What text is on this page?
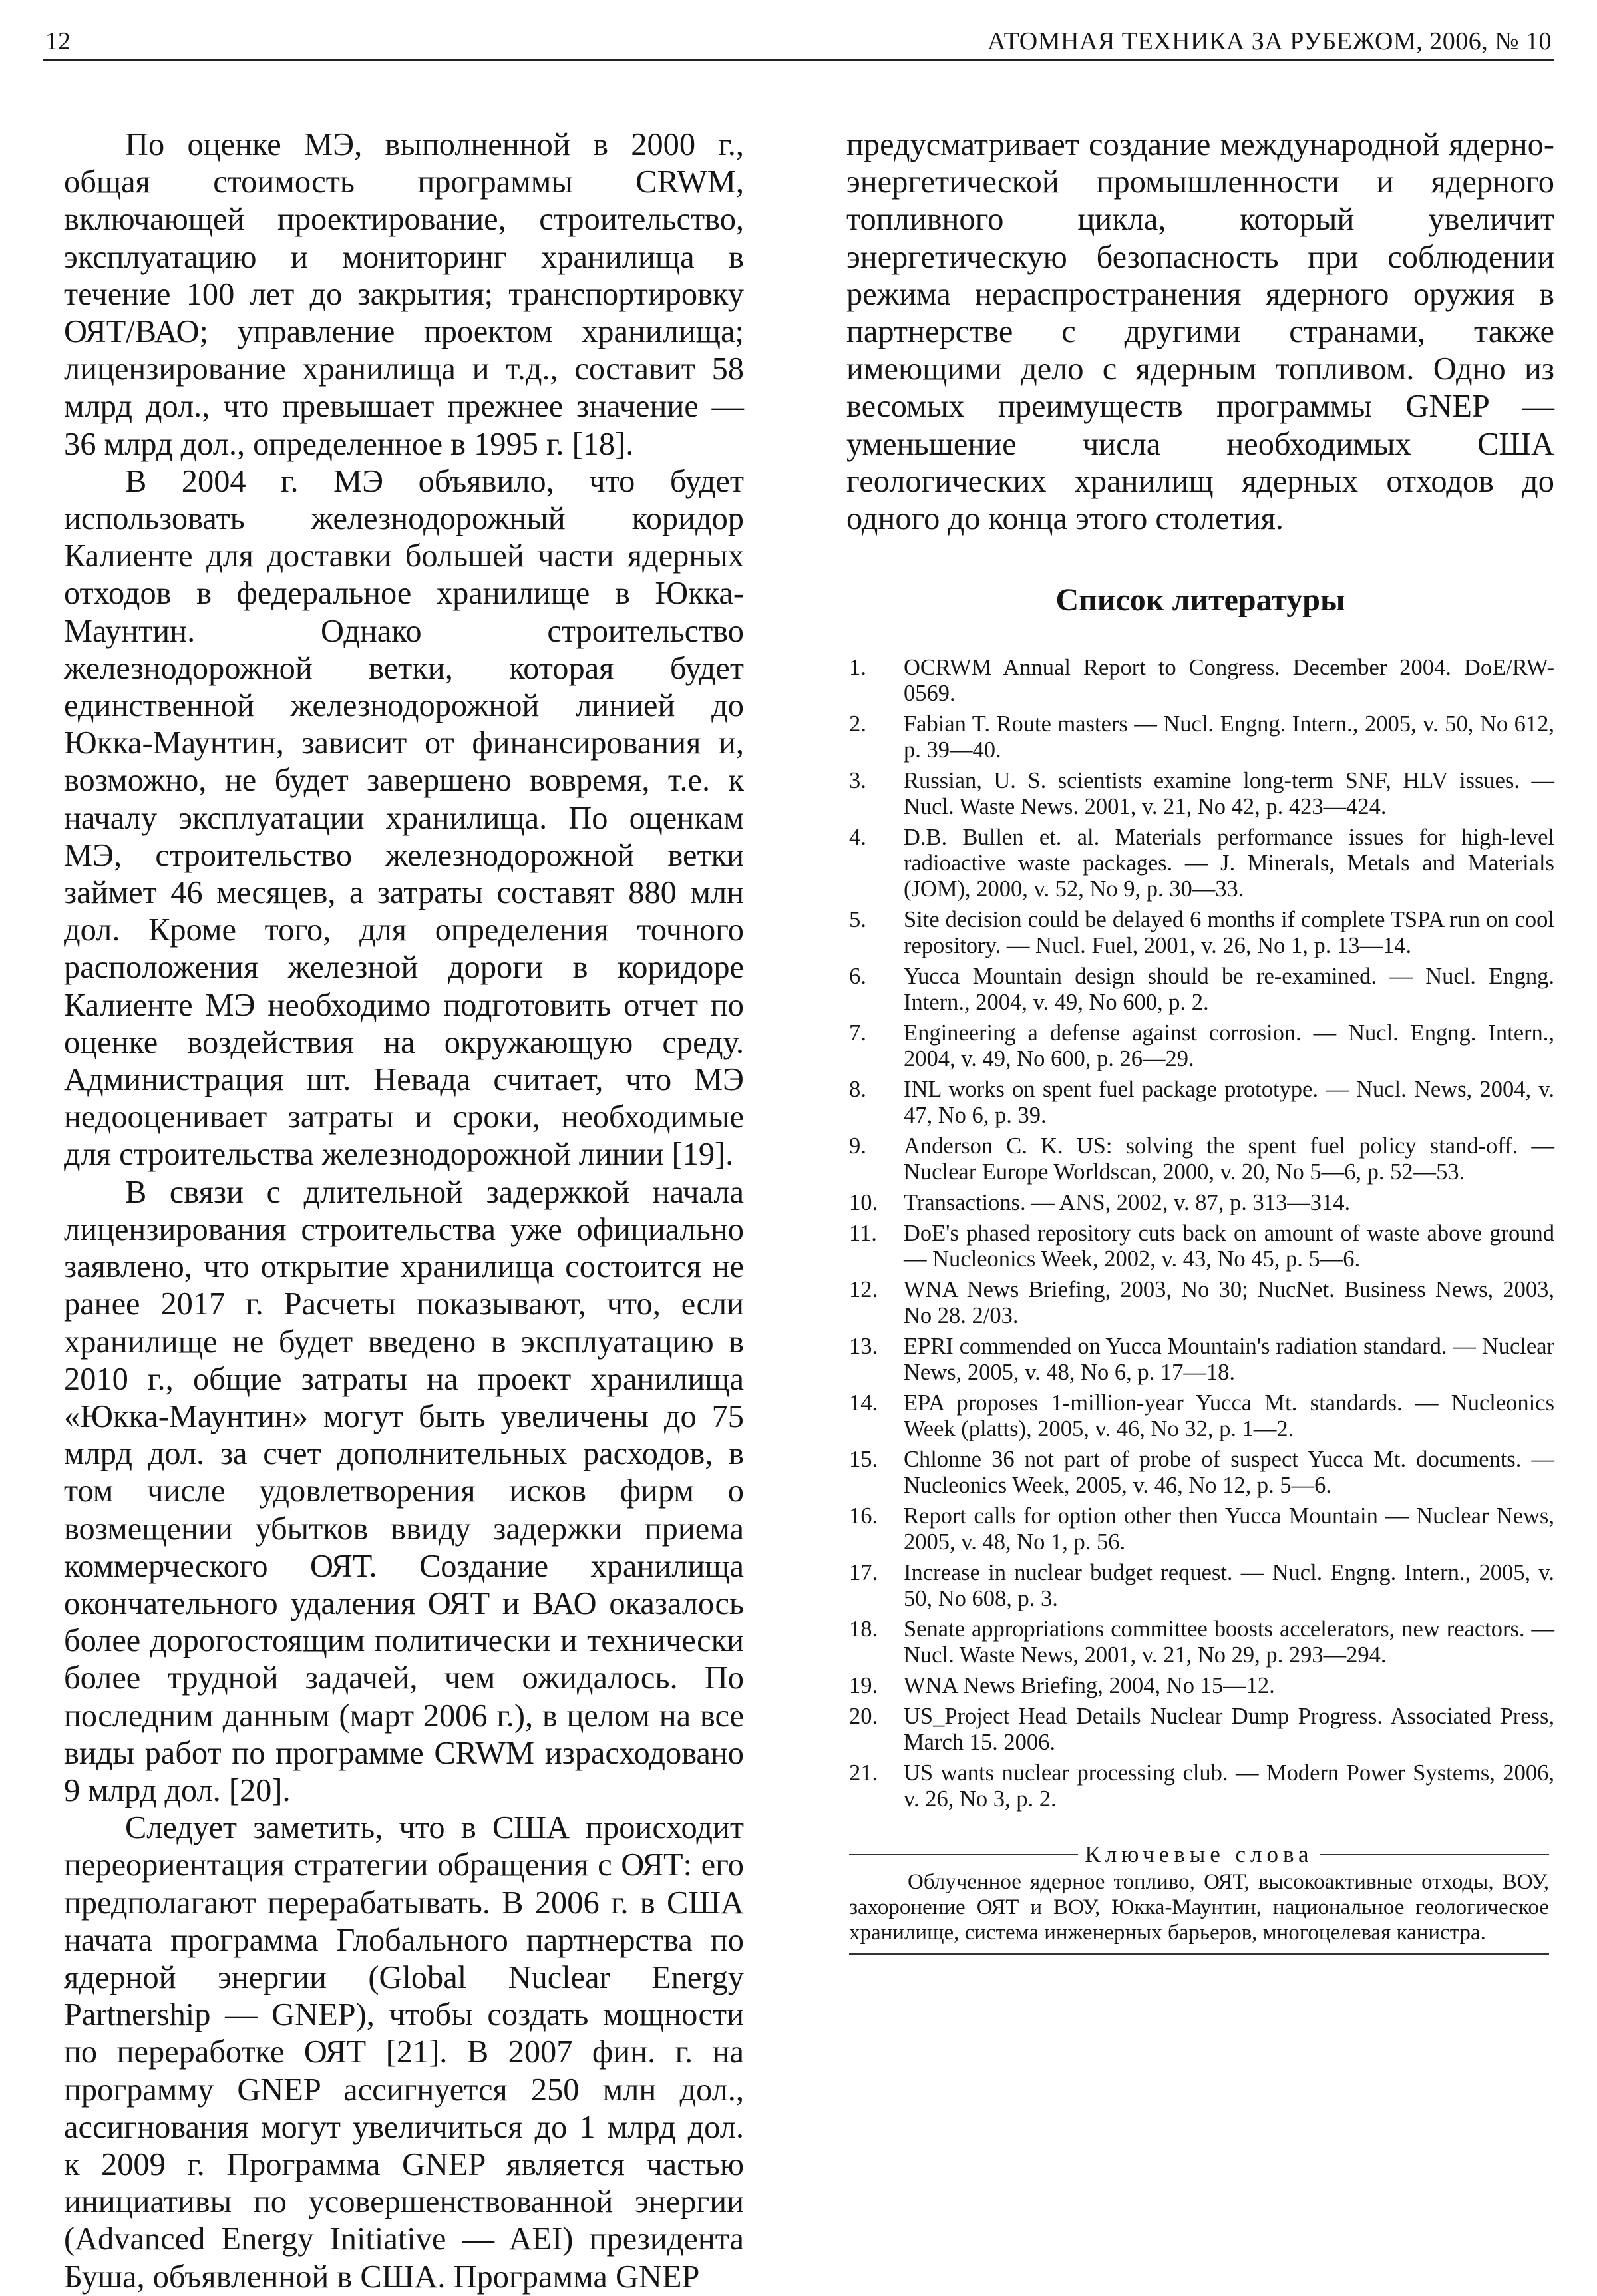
12	АТОМНАЯ ТЕХНИКА ЗА РУБЕЖОМ, 2006, № 10

По оценке МЭ, выполненной в 2000 г., общая стоимость программы CRWM, включающей проектирование, строительство, эксплуатацию и мониторинг хранилища в течение 100 лет до закрытия; транспортировку ОЯТ/ВАО; управление проектом хранилища; лицензирование хранилища и т.д., составит 58 млрд дол., что превышает прежнее значение — 36 млрд дол., определенное в 1995 г. [18].

В 2004 г. МЭ объявило, что будет использовать железнодорожный коридор Калиенте для доставки большей части ядерных отходов в федеральное хранилище в Юкка-Маунтин. Однако строительство железнодорожной ветки, которая будет единственной железнодорожной линией до Юкка-Маунтин, зависит от финансирования и, возможно, не будет завершено вовремя, т.е. к началу эксплуатации хранилища. По оценкам МЭ, строительство железнодорожной ветки займет 46 месяцев, а затраты составят 880 млн дол. Кроме того, для определения точного расположения железной дороги в коридоре Калиенте МЭ необходимо подготовить отчет по оценке воздействия на окружающую среду. Администрация шт. Невада считает, что МЭ недооценивает затраты и сроки, необходимые для строительства железнодорожной линии [19].

В связи с длительной задержкой начала лицензирования строительства уже официально заявлено, что открытие хранилища состоится не ранее 2017 г. Расчеты показывают, что, если хранилище не будет введено в эксплуатацию в 2010 г., общие затраты на проект хранилища «Юкка-Маунтин» могут быть увеличены до 75 млрд дол. за счет дополнительных расходов, в том числе удовлетворения исков фирм о возмещении убытков ввиду задержки приема коммерческого ОЯТ. Создание хранилища окончательного удаления ОЯТ и ВАО оказалось более дорогостоящим политически и технически более трудной задачей, чем ожидалось. По последним данным (март 2006 г.), в целом на все виды работ по программе CRWM израсходовано 9 млрд дол. [20].

Следует заметить, что в США происходит переориентация стратегии обращения с ОЯТ: его предполагают перерабатывать. В 2006 г. в США начата программа Глобального партнерства по ядерной энергии (Global Nuclear Energy Partnership — GNEP), чтобы создать мощности по переработке ОЯТ [21]. В 2007 фин. г. на программу GNEP ассигнуется 250 млн дол., ассигнования могут увеличиться до 1 млрд дол. к 2009 г. Программа GNEP является частью инициативы по усовершенствованной энергии (Advanced Energy Initiative — AEI) президента Буша, объявленной в США. Программа GNEP

предусматривает создание международной ядерно-энергетической промышленности и ядерного топливного цикла, который увеличит энергетическую безопасность при соблюдении режима нераспространения ядерного оружия в партнерстве с другими странами, также имеющими дело с ядерным топливом. Одно из весомых преимуществ программы GNEP — уменьшение числа необходимых США геологических хранилищ ядерных отходов до одного до конца этого столетия.

Список литературы
1.	OCRWM Annual Report to Congress. December 2004. DoE/RW-0569.
2.	Fabian T. Route masters — Nucl. Engng. Intern., 2005, v. 50, No 612, p. 39—40.
3.	Russian, U. S. scientists examine long-term SNF, HLV issues. — Nucl. Waste News. 2001, v. 21, No 42, p. 423—424.
4.	D.B. Bullen et. al. Materials performance issues for high-level radioactive waste packages. — J. Minerals, Metals and Materials (JOM), 2000, v. 52, No 9, p. 30—33.
5.	Site decision could be delayed 6 months if complete TSPA run on cool repository. — Nucl. Fuel, 2001, v. 26, No 1, p. 13—14.
6.	Yucca Mountain design should be re-examined. — Nucl. Engng. Intern., 2004, v. 49, No 600, p. 2.
7.	Engineering a defense against corrosion. — Nucl. Engng. Intern., 2004, v. 49, No 600, p. 26—29.
8.	INL works on spent fuel package prototype. — Nucl. News, 2004, v. 47, No 6, p. 39.
9.	Anderson C. K. US: solving the spent fuel policy stand-off. — Nuclear Europe Worldscan, 2000, v. 20, No 5—6, p. 52—53.
10.	Transactions. — ANS, 2002, v. 87, p. 313—314.
11.	DoE's phased repository cuts back on amount of waste above ground — Nucleonics Week, 2002, v. 43, No 45, p. 5—6.
12.	WNA News Briefing, 2003, No 30; NucNet. Business News, 2003, No 28. 2/03.
13.	EPRI commended on Yucca Mountain's radiation standard. — Nuclear News, 2005, v. 48, No 6, p. 17—18.
14.	EPA proposes 1-million-year Yucca Mt. standards. — Nucleonics Week (platts), 2005, v. 46, No 32, p. 1—2.
15.	Chlonne 36 not part of probe of suspect Yucca Mt. documents. — Nucleonics Week, 2005, v. 46, No 12, p. 5—6.
16.	Report calls for option other then Yucca Mountain — Nuclear News, 2005, v. 48, No 1, p. 56.
17.	Increase in nuclear budget request. — Nucl. Engng. Intern., 2005, v. 50, No 608, p. 3.
18.	Senate appropriations committee boosts accelerators, new reactors. — Nucl. Waste News, 2001, v. 21, No 29, p. 293—294.
19.	WNA News Briefing, 2004, No 15—12.
20.	US_Project Head Details Nuclear Dump Progress. Associated Press, March 15. 2006.
21.	US wants nuclear processing club. — Modern Power Systems, 2006, v. 26, No 3, p. 2.
Ключевые слова
Облученное ядерное топливо, ОЯТ, высокоактивные отходы, ВОУ, захоронение ОЯТ и ВОУ, Юкка-Маунтин, национальное геологическое хранилище, система инженерных барьеров, многоцелевая канистра.
